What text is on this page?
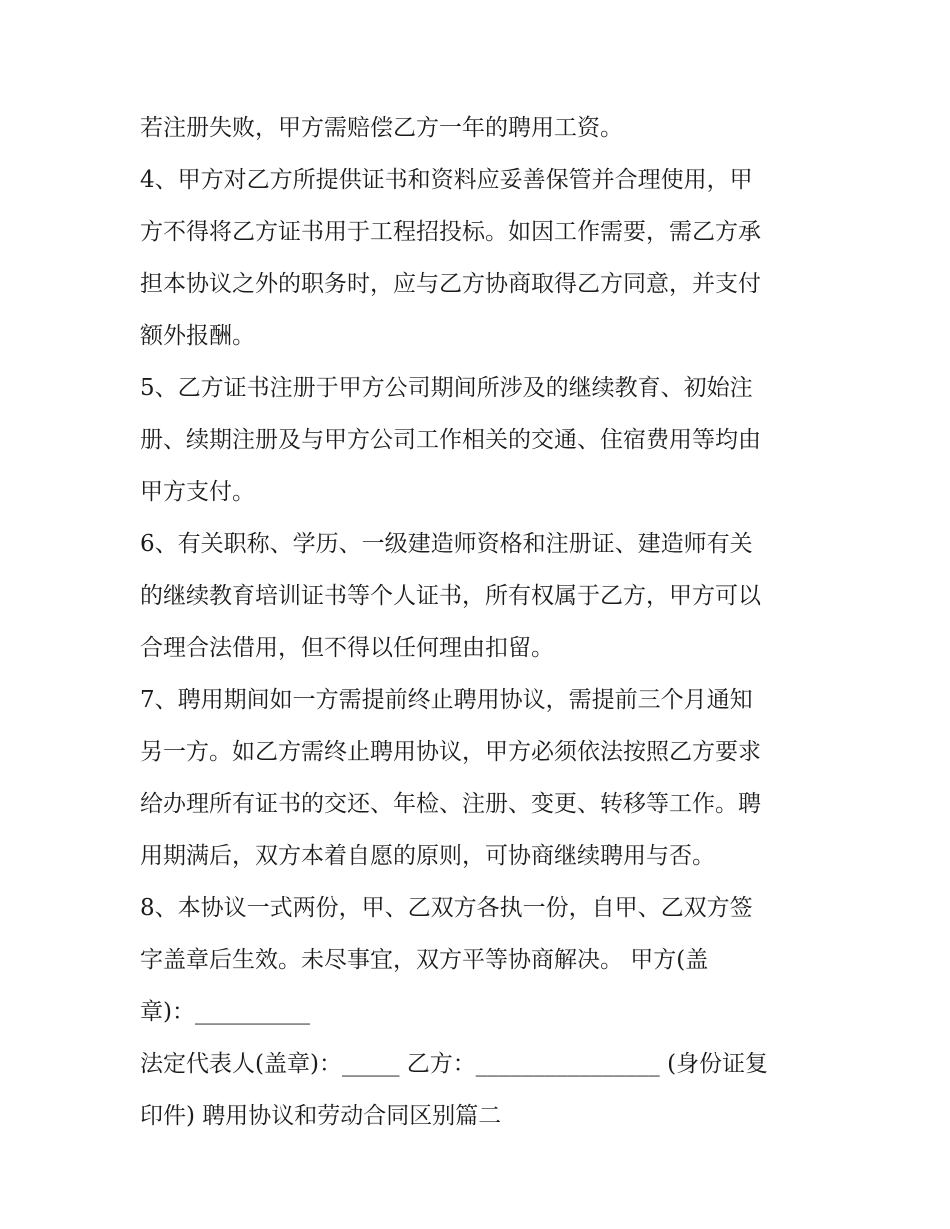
若注册失败，甲方需赔偿乙方一年的聘用工资。
4、甲方对乙方所提供证书和资料应妥善保管并合理使用，甲
方不得将乙方证书用于工程招投标。如因工作需要，需乙方承
担本协议之外的职务时，应与乙方协商取得乙方同意，并支付
额外报酬。
5、乙方证书注册于甲方公司期间所涉及的继续教育、初始注
册、续期注册及与甲方公司工作相关的交通、住宿费用等均由
甲方支付。
6、有关职称、学历、一级建造师资格和注册证、建造师有关
的继续教育培训证书等个人证书，所有权属于乙方，甲方可以
合理合法借用，但不得以任何理由扣留。
7、聘用期间如一方需提前终止聘用协议，需提前三个月通知
另一方。如乙方需终止聘用协议，甲方必须依法按照乙方要求
给办理所有证书的交还、年检、注册、变更、转移等工作。聘
用期满后，双方本着自愿的原则，可协商继续聘用与否。
8、本协议一式两份，甲、乙双方各执一份，自甲、乙双方签
字盖章后生效。未尽事宜，双方平等协商解决。 甲方(盖
章)：__________
法定代表人(盖章)：_____ 乙方：________________ (身份证复
印件) 聘用协议和劳动合同区别篇二
